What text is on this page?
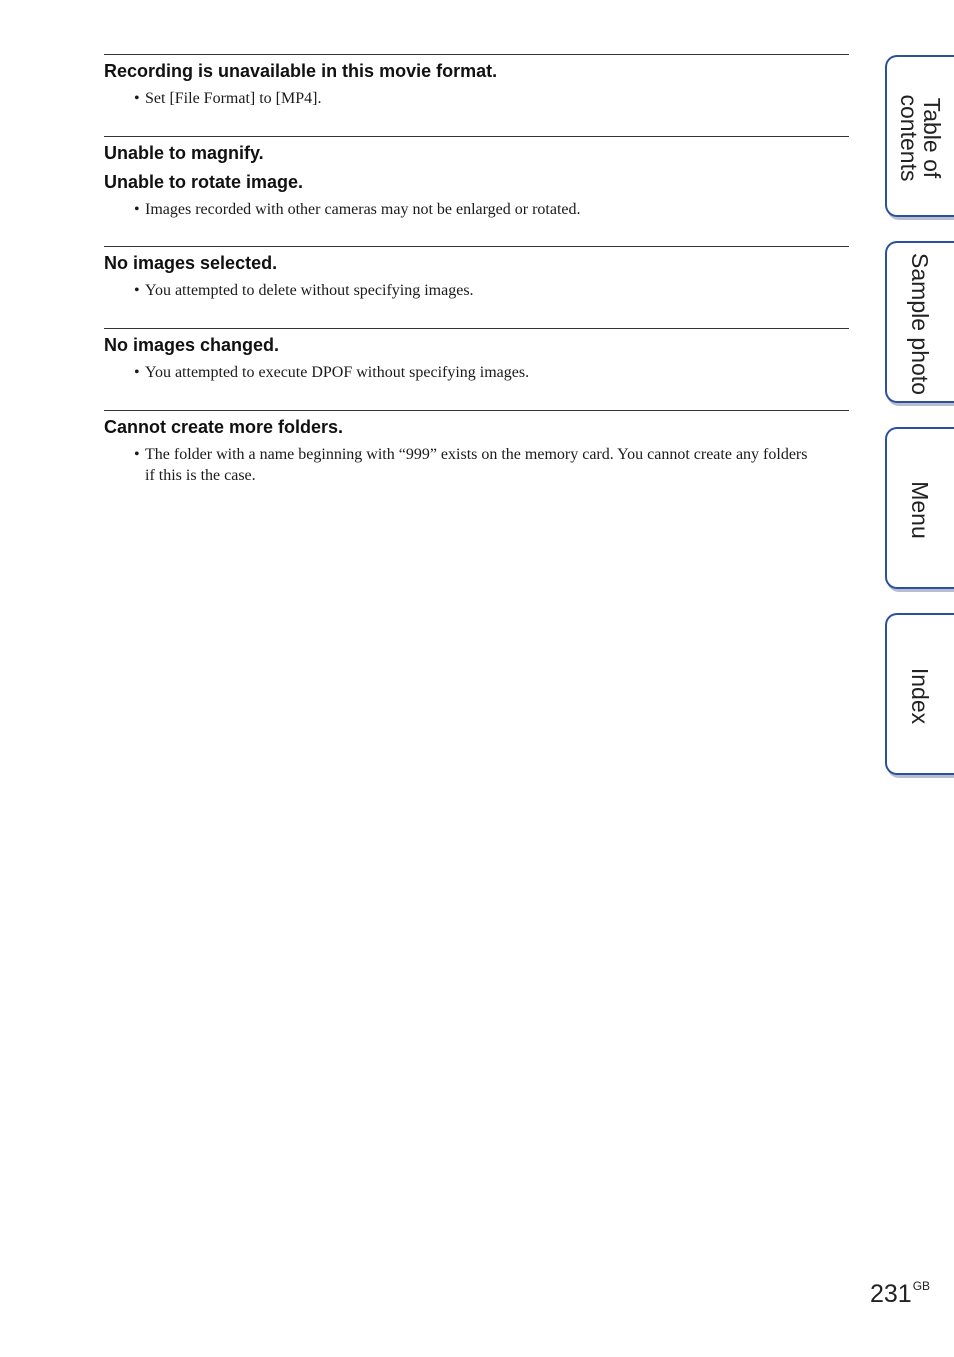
Recording is unavailable in this movie format.
• Set [File Format] to [MP4].
Unable to magnify.
Unable to rotate image.
• Images recorded with other cameras may not be enlarged or rotated.
No images selected.
• You attempted to delete without specifying images.
No images changed.
• You attempted to execute DPOF without specifying images.
Cannot create more folders.
• The folder with a name beginning with “999” exists on the memory card. You cannot create any folders if this is the case.
Table of
contents
Sample photo
Menu
Index
$231^{GB}$
